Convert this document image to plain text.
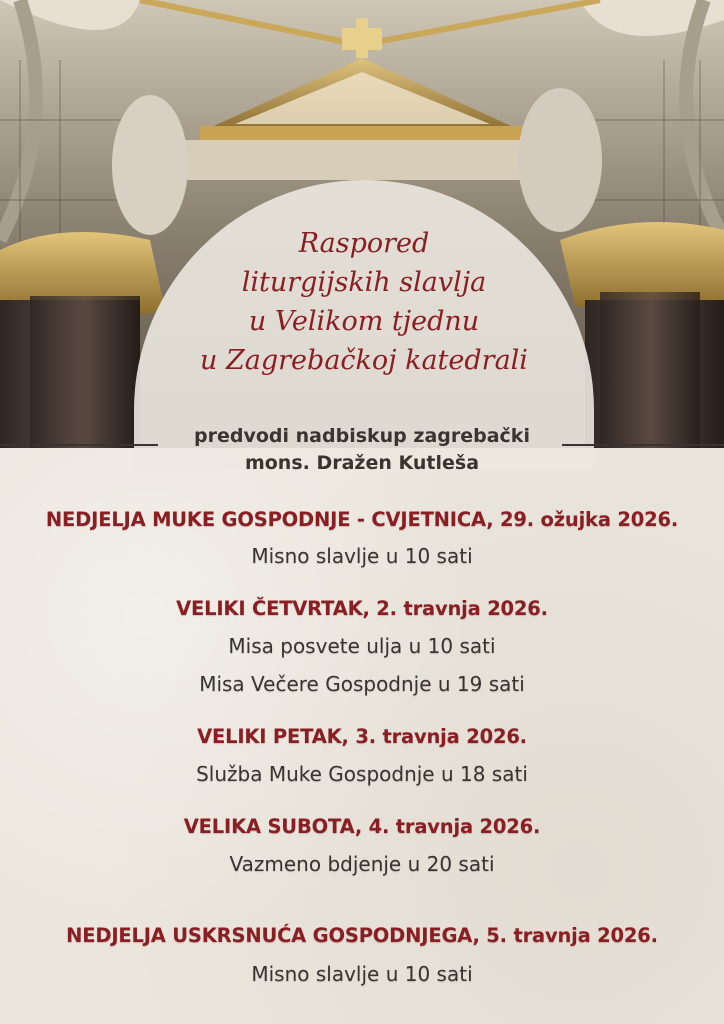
Raspored
liturgijskih slavlja
u Velikom tjednu
u Zagrebačkoj katedrali
predvodi nadbiskup zagrebački
mons. Dražen Kutleša
NEDJELJA MUKE GOSPODNJE - CVJETNICA, 29. ožujka 2026.
Misno slavlje u 10 sati
VELIKI ČETVRTAK, 2. travnja 2026.
Misa posvete ulja u 10 sati
Misa Večere Gospodnje u 19 sati
VELIKI PETAK, 3. travnja 2026.
Služba Muke Gospodnje u 18 sati
VELIKA SUBOTA, 4. travnja 2026.
Vazmeno bdjenje u 20 sati
NEDJELJA USKRSNUĆA GOSPODNJEGA, 5. travnja 2026.
Misno slavlje u 10 sati
